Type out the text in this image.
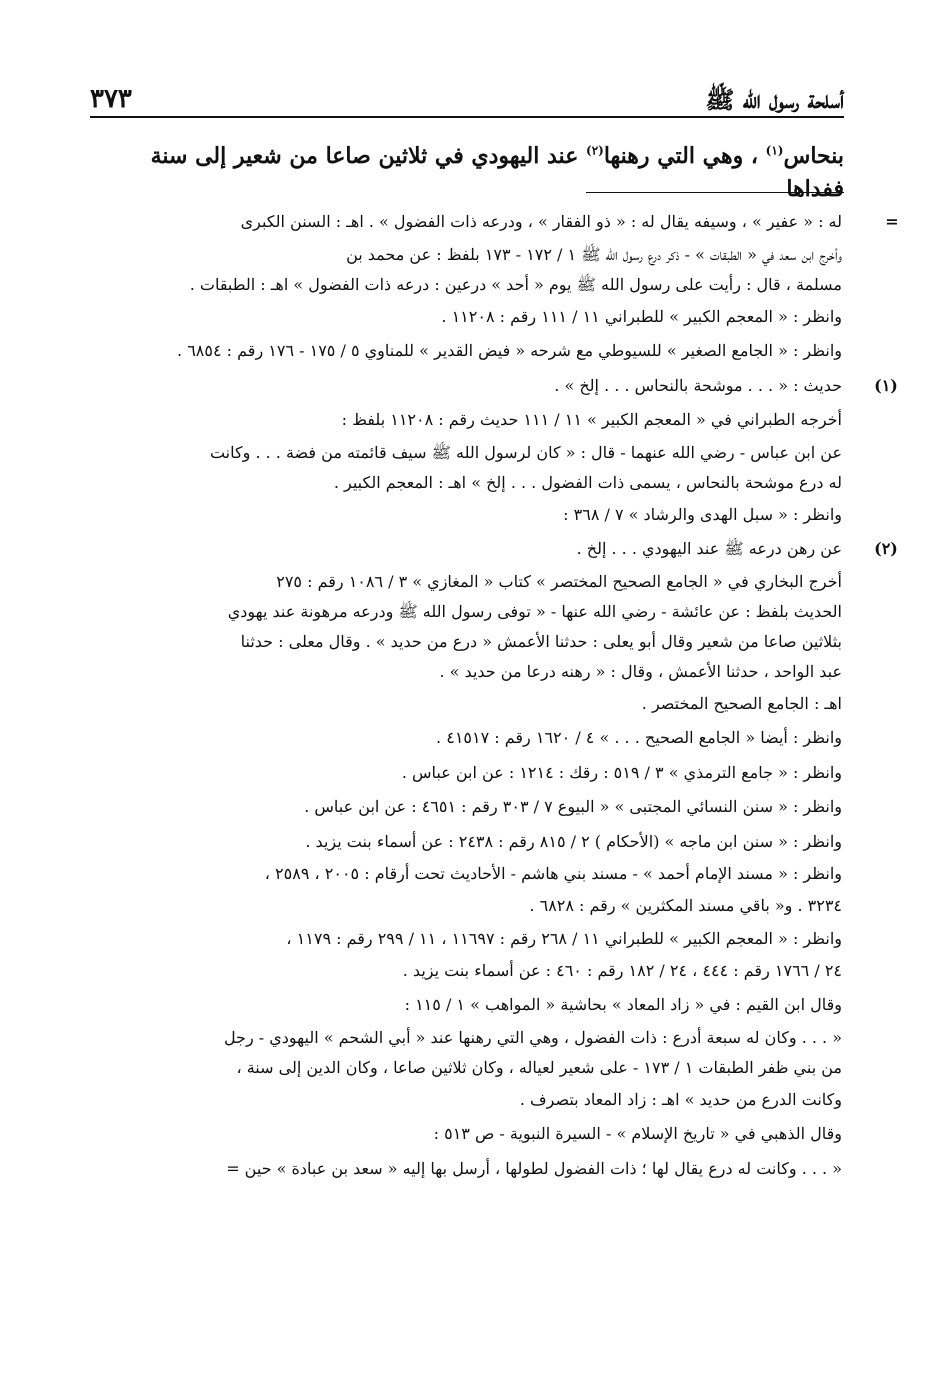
أسلحة رسول الله ﷺ
٣٧٣
بنحاس$^{(١)}$ ، وهي التي رهنها$^{(٢)}$ عند اليهودي في ثلاثين صاعا من شعير إلى سنة ففداها
=
له : « عفير » ، وسيفه يقال له : « ذو الفقار » ، ودرعه ذات الفضول » . اهـ : السنن الكبرى
وأخرج ابن سعد في « الطبقات » - ذكر درع رسول الله ﷺ ١ / ١٧٢ - ١٧٣ بلفظ : عن محمد بن
مسلمة ، قال : رأيت على رسول الله ﷺ يوم « أحد » درعين : درعه ذات الفضول » اهـ : الطبقات .
وانظر : « المعجم الكبير » للطبراني ١١ / ١١١ رقم : ١١٢٠٨ .
وانظر : « الجامع الصغير » للسيوطي مع شرحه « فيض القدير » للمناوي ٥ / ١٧٥ - ١٧٦ رقم : ٦٨٥٤ .
(١)
حديث : « . . . موشحة بالنحاس . . . إلخ » .
أخرجه الطبراني في « المعجم الكبير » ١١ / ١١١ حديث رقم : ١١٢٠٨ بلفظ :
عن ابن عباس - رضي الله عنهما - قال : « كان لرسول الله ﷺ سيف قائمته من فضة . . . وكانت
له درع موشحة بالنحاس ، يسمى ذات الفضول . . . إلخ » اهـ : المعجم الكبير .
وانظر : « سبل الهدى والرشاد » ٧ / ٣٦٨ :
(٢)
عن رهن درعه ﷺ عند اليهودي . . . إلخ .
أخرج البخاري في « الجامع الصحيح المختصر » كتاب « المغازي » ٣ / ١٠٨٦ رقم : ٢٧٥
الحديث بلفظ : عن عائشة - رضي الله عنها - « توفى رسول الله ﷺ ودرعه مرهونة عند يهودي
بثلاثين صاعا من شعير وقال أبو يعلى : حدثنا الأعمش « درع من حديد » . وقال معلى : حدثنا
عبد الواحد ، حدثنا الأعمش ، وقال : « رهنه درعا من حديد » .
اهـ : الجامع الصحيح المختصر .
وانظر : أيضا « الجامع الصحيح . . . » ٤ / ١٦٢٠ رقم : ٤١٥١٧ .
وانظر : « جامع الترمذي » ٣ / ٥١٩ : رقك : ١٢١٤ : عن ابن عباس .
وانظر : « سنن النسائي المجتبى » « البيوع ٧ / ٣٠٣ رقم : ٤٦٥١ : عن ابن عباس .
وانظر : « سنن ابن ماجه » (الأحكام ) ٢ / ٨١٥ رقم : ٢٤٣٨ : عن أسماء بنت يزيد .
وانظر : « مسند الإمام أحمد » - مسند بني هاشم - الأحاديث تحت أرقام : ٢٠٠٥ ، ٢٥٨٩ ،
٣٢٣٤ . و« باقي مسند المكثرين » رقم : ٦٨٢٨ .
وانظر : « المعجم الكبير » للطبراني ١١ / ٢٦٨ رقم : ١١٦٩٧ ، ١١ / ٢٩٩ رقم : ١١٧٩ ،
٢٤ / ١٧٦٦ رقم : ٤٤٤ ، ٢٤ / ١٨٢ رقم : ٤٦٠ : عن أسماء بنت يزيد .
وقال ابن القيم : في « زاد المعاد » بحاشية « المواهب » ١ / ١١٥ :
« . . . وكان له سبعة أدرع : ذات الفضول ، وهي التي رهنها عند « أبي الشحم » اليهودي - رجل
من بني ظفر الطبقات ١ / ١٧٣ - على شعير لعياله ، وكان ثلاثين صاعا ، وكان الدين إلى سنة ،
وكانت الدرع من حديد » اهـ : زاد المعاد بتصرف .
وقال الذهبي في « تاريخ الإسلام » - السيرة النبوية - ص ٥١٣ :
« . . . وكانت له درع يقال لها ؛ ذات الفضول لطولها ، أرسل بها إليه « سعد بن عبادة » حين =
